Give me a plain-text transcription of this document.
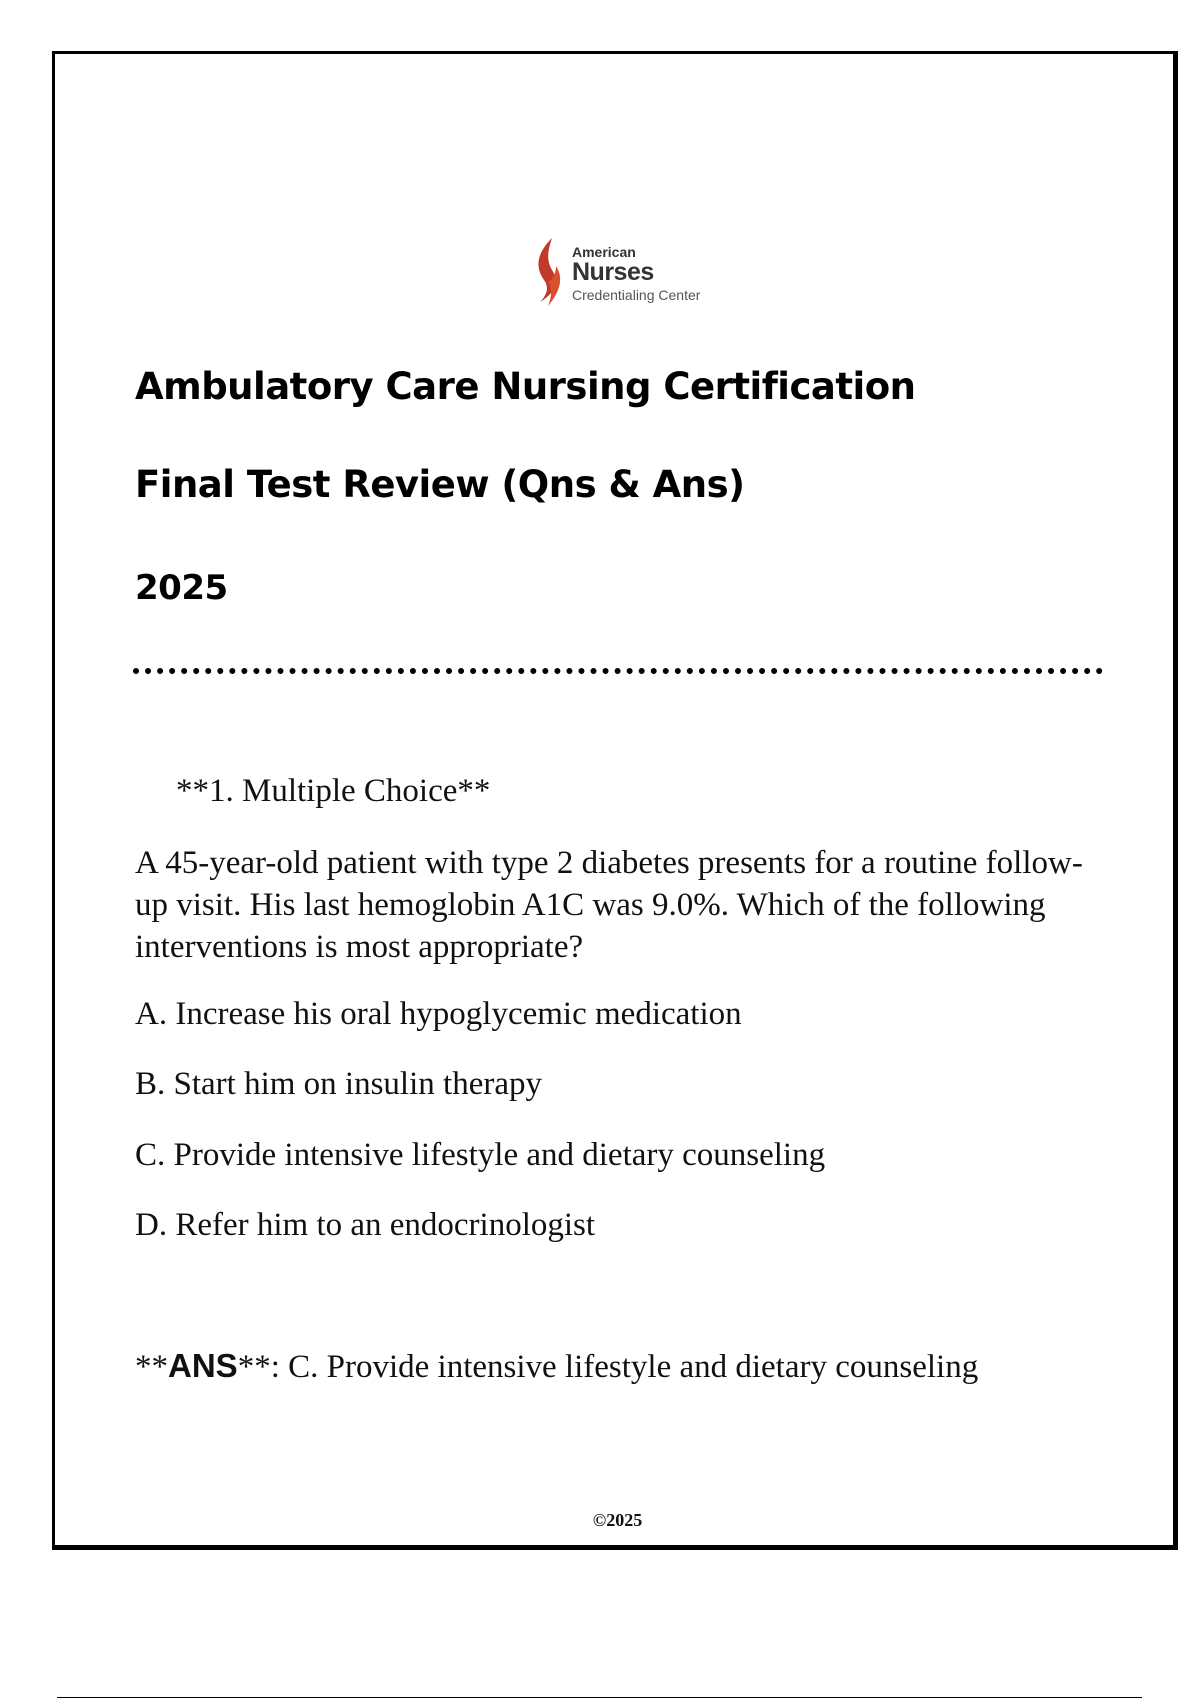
American
Nurses
Credentialing Center
Ambulatory Care Nursing Certification
Final Test Review (Qns & Ans)
2025
**1. Multiple Choice**
A 45-year-old patient with type 2 diabetes presents for a routine follow-up visit. His last hemoglobin A1C was 9.0%. Which of the following interventions is most appropriate?
A. Increase his oral hypoglycemic medication
B. Start him on insulin therapy
C. Provide intensive lifestyle and dietary counseling
D. Refer him to an endocrinologist
**ANS**: C. Provide intensive lifestyle and dietary counseling
©2025
